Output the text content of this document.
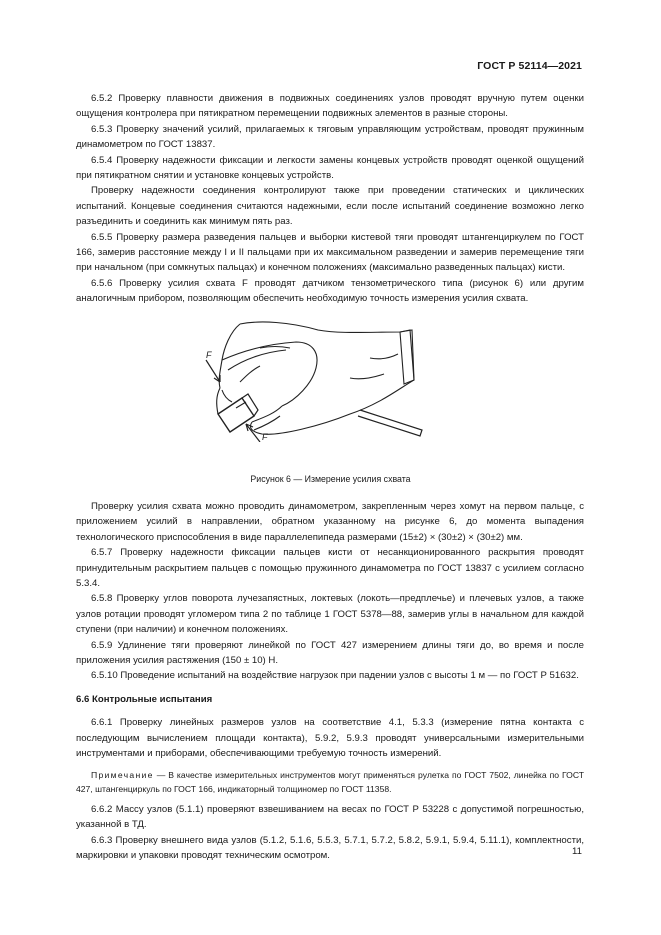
ГОСТ Р 52114—2021

6.5.2 Проверку плавности движения в подвижных соединениях узлов проводят вручную путем оценки ощущения контролера при пятикратном перемещении подвижных элементов в разные стороны.

6.5.3 Проверку значений усилий, прилагаемых к тяговым управляющим устройствам, проводят пружинным динамометром по ГОСТ 13837.

6.5.4 Проверку надежности фиксации и легкости замены концевых устройств проводят оценкой ощущений при пятикратном снятии и установке концевых устройств.

Проверку надежности соединения контролируют также при проведении статических и циклических испытаний. Концевые соединения считаются надежными, если после испытаний соединение возможно легко разъединить и соединить как минимум пять раз.

6.5.5 Проверку размера разведения пальцев и выборки кистевой тяги проводят штангенциркулем по ГОСТ 166, замерив расстояние между I и II пальцами при их максимальном разведении и замерив перемещение тяги при начальном (при сомкнутых пальцах) и конечном положениях (максимально разведенных пальцах) кисти.

6.5.6 Проверку усилия схвата F проводят датчиком тензометрического типа (рисунок 6) или другим аналогичным прибором, позволяющим обеспечить необходимую точность измерения усилия схвата.

F
F
Рисунок 6 — Измерение усилия схвата

Проверку усилия схвата можно проводить динамометром, закрепленным через хомут на первом пальце, с приложением усилий в направлении, обратном указанному на рисунке 6, до момента выпадения технологического приспособления в виде параллелепипеда размерами (15±2) × (30±2) × (30±2) мм.

6.5.7 Проверку надежности фиксации пальцев кисти от несанкционированного раскрытия проводят принудительным раскрытием пальцев с помощью пружинного динамометра по ГОСТ 13837 с усилием согласно 5.3.4.

6.5.8 Проверку углов поворота лучезапястных, локтевых (локоть—предплечье) и плечевых узлов, а также узлов ротации проводят угломером типа 2 по таблице 1 ГОСТ 5378—88, замерив углы в начальном для каждой ступени (при наличии) и конечном положениях.

6.5.9 Удлинение тяги проверяют линейкой по ГОСТ 427 измерением длины тяги до, во время и после приложения усилия растяжения (150 ± 10) Н.

6.5.10 Проведение испытаний на воздействие нагрузок при падении узлов с высоты 1 м — по ГОСТ Р 51632.

6.6 Контрольные испытания

6.6.1 Проверку линейных размеров узлов на соответствие 4.1, 5.3.3 (измерение пятна контакта с последующим вычислением площади контакта), 5.9.2, 5.9.3 проводят универсальными измерительными инструментами и приборами, обеспечивающими требуемую точность измерений.

Примечание — В качестве измерительных инструментов могут применяться рулетка по ГОСТ 7502, линейка по ГОСТ 427, штангенциркуль по ГОСТ 166, индикаторный толщиномер по ГОСТ 11358.

6.6.2 Массу узлов (5.1.1) проверяют взвешиванием на весах по ГОСТ Р 53228 с допустимой погрешностью, указанной в ТД.

6.6.3 Проверку внешнего вида узлов (5.1.2, 5.1.6, 5.5.3, 5.7.1, 5.7.2, 5.8.2, 5.9.1, 5.9.4, 5.11.1), комплектности, маркировки и упаковки проводят техническим осмотром.	11
